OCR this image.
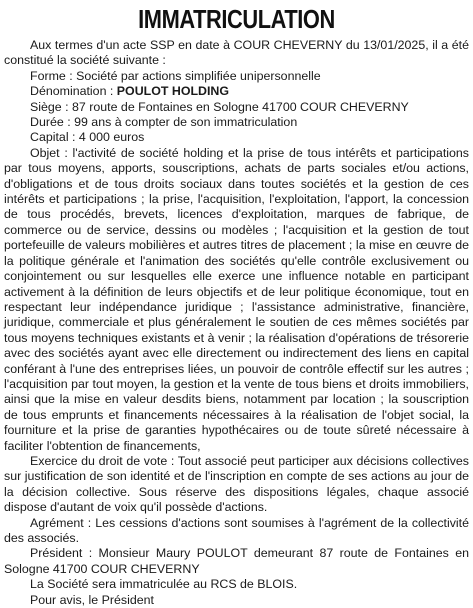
IMMATRICULATION

Aux termes d'un acte SSP en date à COUR CHEVERNY du 13/01/2025, il a été constitué la société suivante :

Forme : Société par actions simplifiée unipersonnelle

Dénomination : POULOT HOLDING

Siège : 87 route de Fontaines en Sologne 41700 COUR CHEVERNY

Durée : 99 ans à compter de son immatriculation

Capital : 4 000 euros

Objet : l'activité de société holding et la prise de tous intérêts et participations par tous moyens, apports, souscriptions, achats de parts sociales et/ou actions, d'obligations et de tous droits sociaux dans toutes sociétés et la gestion de ces intérêts et participations ; la prise, l'acquisition, l'exploitation, l'apport, la concession de tous procédés, brevets, licences d'exploitation, marques de fabrique, de commerce ou de service, dessins ou modèles ; l'acquisition et la gestion de tout portefeuille de valeurs mobilières et autres titres de placement ; la mise en œuvre de la politique générale et l'animation des sociétés qu'elle contrôle exclusivement ou conjointement ou sur lesquelles elle exerce une influence notable en participant activement à la définition de leurs objectifs et de leur politique économique, tout en respectant leur indépendance juridique ; l'assistance administrative, financière, juridique, commerciale et plus généralement le soutien de ces mêmes sociétés par tous moyens techniques existants et à venir ; la réalisation d'opérations de trésorerie avec des sociétés ayant avec elle directement ou indirectement des liens en capital conférant à l'une des entreprises liées, un pouvoir de contrôle effectif sur les autres ; l'acquisition par tout moyen, la gestion et la vente de tous biens et droits immobiliers, ainsi que la mise en valeur desdits biens, notamment par location ; la souscription de tous emprunts et financements nécessaires à la réalisation de l'objet social, la fourniture et la prise de garanties hypothécaires ou de toute sûreté nécessaire à faciliter l'obtention de financements,

Exercice du droit de vote : Tout associé peut participer aux décisions collectives sur justification de son identité et de l'inscription en compte de ses actions au jour de la décision collective. Sous réserve des dispositions légales, chaque associé dispose d'autant de voix qu'il possède d'actions.

Agrément : Les cessions d'actions sont soumises à l'agrément de la collectivité des associés.

Président : Monsieur Maury POULOT demeurant 87 route de Fontaines en Sologne 41700 COUR CHEVERNY

La Société sera immatriculée au RCS de BLOIS.

Pour avis, le Président
